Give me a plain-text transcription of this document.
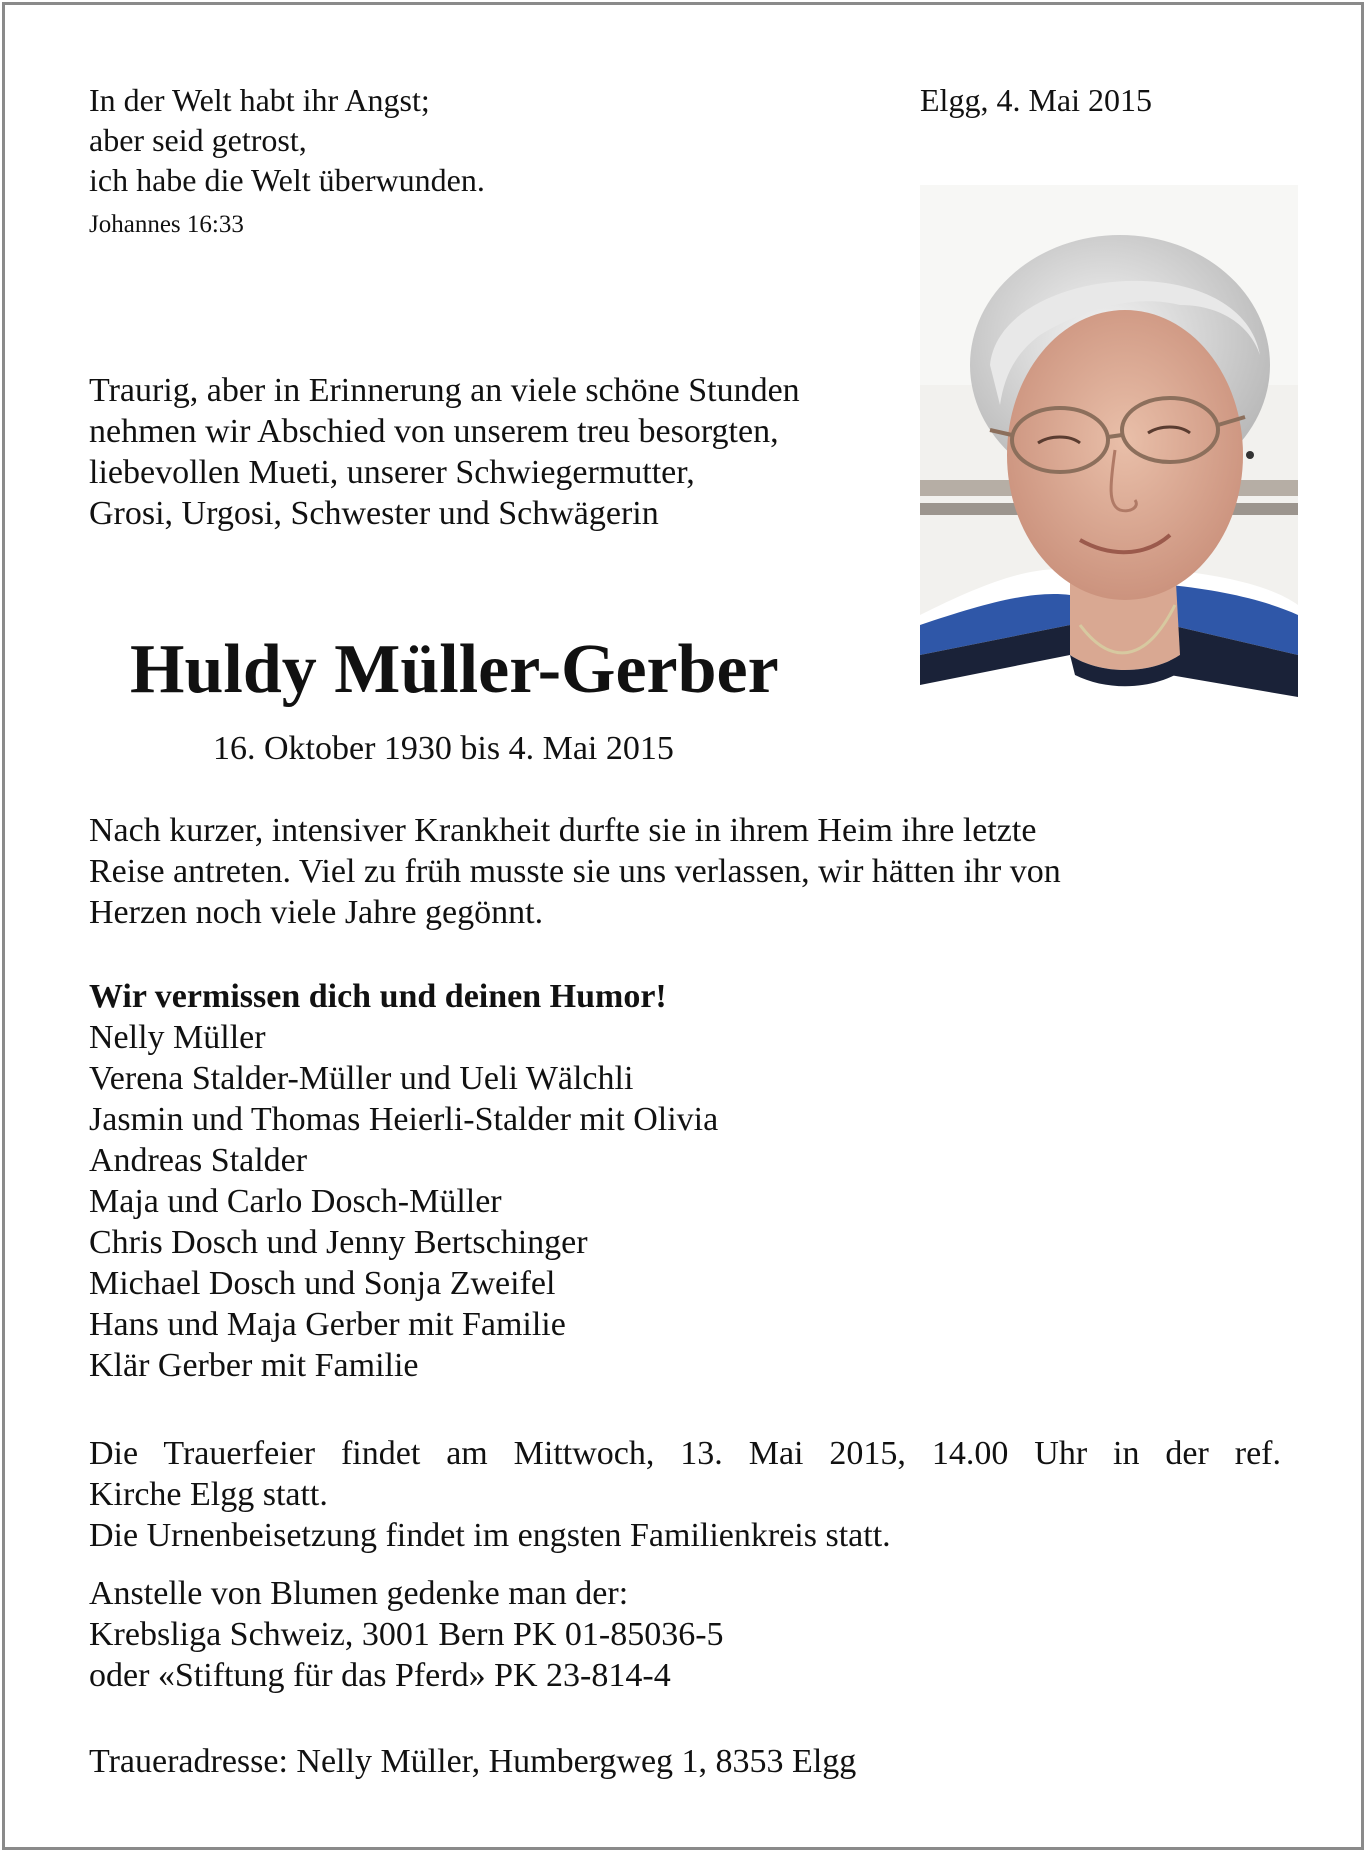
Elgg, 4. Mai 2015
In der Welt habt ihr Angst;
aber seid getrost,
ich habe die Welt überwunden.
Johannes 16:33
Traurig, aber in Erinnerung an viele schöne Stunden
nehmen wir Abschied von unserem treu besorgten,
liebevollen Mueti, unserer Schwiegermutter,
Grosi, Urgosi, Schwester und Schwägerin
Huldy Müller-Gerber
16. Oktober 1930 bis 4. Mai 2015
Nach kurzer, intensiver Krankheit durfte sie in ihrem Heim ihre letzte
Reise antreten. Viel zu früh musste sie uns verlassen, wir hätten ihr von
Herzen noch viele Jahre gegönnt.
Wir vermissen dich und deinen Humor!
Nelly Müller
Verena Stalder-Müller und Ueli Wälchli
Jasmin und Thomas Heierli-Stalder mit Olivia
Andreas Stalder
Maja und Carlo Dosch-Müller
Chris Dosch und Jenny Bertschinger
Michael Dosch und Sonja Zweifel
Hans und Maja Gerber mit Familie
Klär Gerber mit Familie
Die Trauerfeier findet am Mittwoch, 13. Mai 2015, 14.00 Uhr in der ref.
Kirche Elgg statt.
Die Urnenbeisetzung findet im engsten Familienkreis statt.
Anstelle von Blumen gedenke man der:
Krebsliga Schweiz, 3001 Bern PK 01-85036-5
oder «Stiftung für das Pferd» PK 23-814-4
Traueradresse: Nelly Müller, Humbergweg 1, 8353 Elgg
